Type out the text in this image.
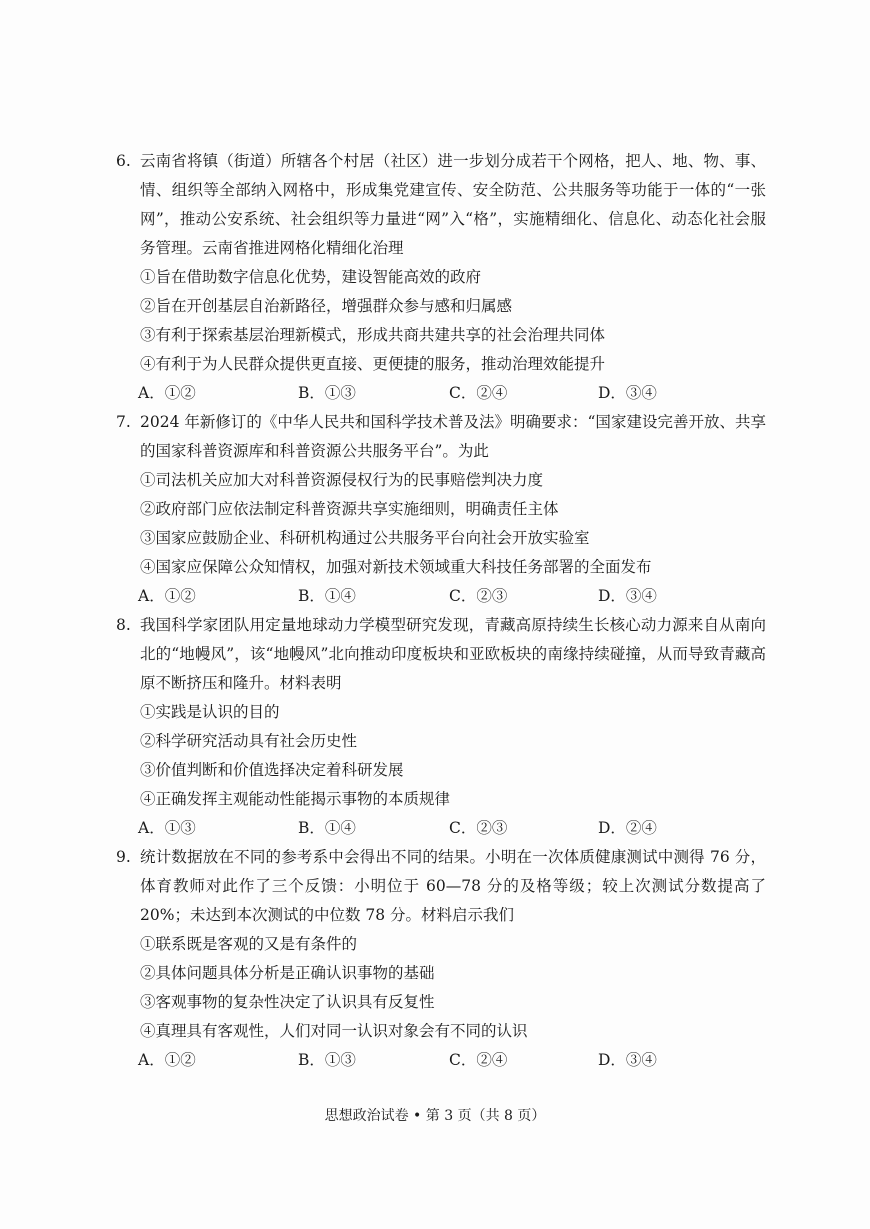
6. 云南省将镇（街道）所辖各个村居（社区）进一步划分成若干个网格，把人、地、物、事、情、组织等全部纳入网格中，形成集党建宣传、安全防范、公共服务等功能于一体的“一张网”，推动公安系统、社会组织等力量进“网”入“格”，实施精细化、信息化、动态化社会服务管理。云南省推进网格化精细化治理
①旨在借助数字信息化优势，建设智能高效的政府
②旨在开创基层自治新路径，增强群众参与感和归属感
③有利于探索基层治理新模式，形成共商共建共享的社会治理共同体
④有利于为人民群众提供更直接、更便捷的服务，推动治理效能提升
A．①②	B．①③	C．②④	D．③④
7. 2024 年新修订的《中华人民共和国科学技术普及法》明确要求：“国家建设完善开放、共享的国家科普资源库和科普资源公共服务平台”。为此
①司法机关应加大对科普资源侵权行为的民事赔偿判决力度
②政府部门应依法制定科普资源共享实施细则，明确责任主体
③国家应鼓励企业、科研机构通过公共服务平台向社会开放实验室
④国家应保障公众知情权，加强对新技术领域重大科技任务部署的全面发布
A．①②	B．①④	C．②③	D．③④
8. 我国科学家团队用定量地球动力学模型研究发现，青藏高原持续生长核心动力源来自从南向北的“地幔风”，该“地幔风”北向推动印度板块和亚欧板块的南缘持续碰撞，从而导致青藏高原不断挤压和隆升。材料表明
①实践是认识的目的
②科学研究活动具有社会历史性
③价值判断和价值选择决定着科研发展
④正确发挥主观能动性能揭示事物的本质规律
A．①③	B．①④	C．②③	D．②④
9. 统计数据放在不同的参考系中会得出不同的结果。小明在一次体质健康测试中测得 76 分，体育教师对此作了三个反馈：小明位于 60—78 分的及格等级；较上次测试分数提高了 20%；未达到本次测试的中位数 78 分。材料启示我们
①联系既是客观的又是有条件的
②具体问题具体分析是正确认识事物的基础
③客观事物的复杂性决定了认识具有反复性
④真理具有客观性，人们对同一认识对象会有不同的认识
A．①②	B．①③	C．②④	D．③④
思想政治试卷 • 第 3 页（共 8 页）
